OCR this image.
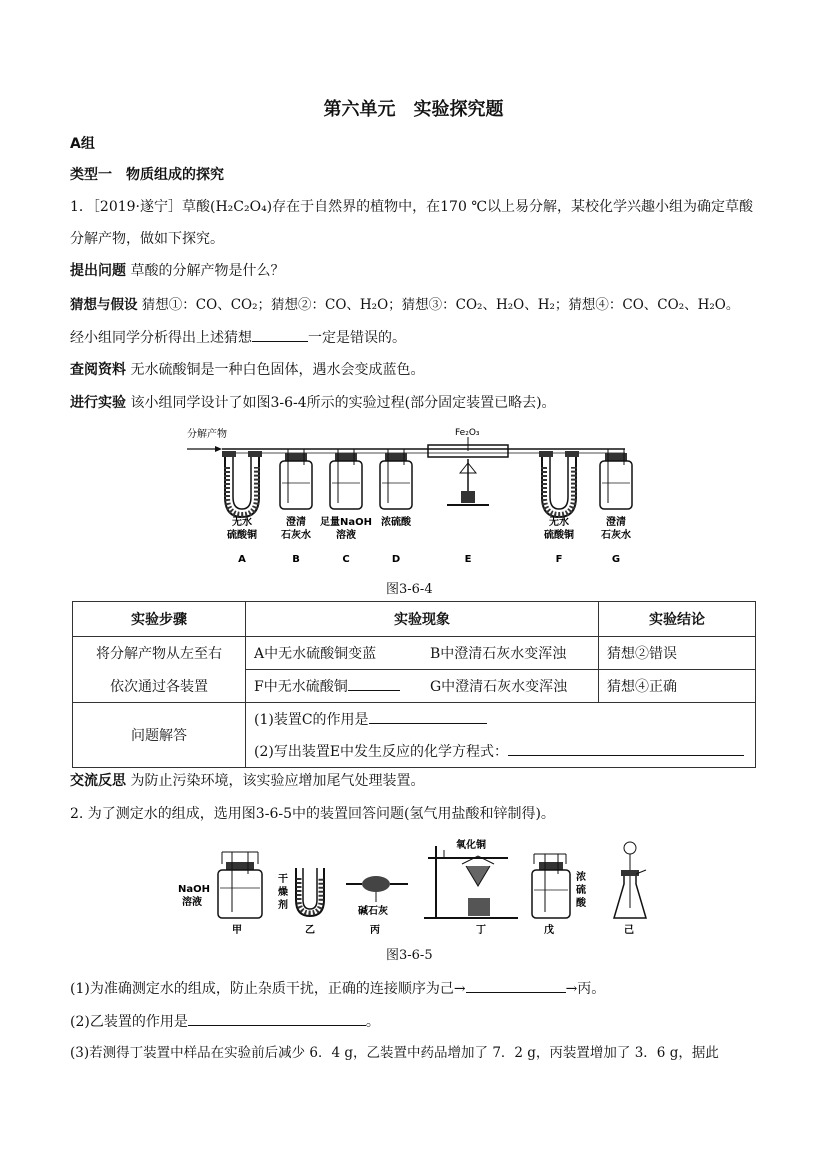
第六单元　实验探究题
A组
类型一　物质组成的探究
1．［2019·遂宁］草酸(H₂C₂O₄)存在于自然界的植物中，在170 ℃以上易分解，某校化学兴趣小组为确定草酸
分解产物，做如下探究。
提出问题 草酸的分解产物是什么？
猜想与假设 猜想①：CO、CO₂；猜想②：CO、H₂O；猜想③：CO₂、H₂O、H₂；猜想④：CO、CO₂、H₂O。
经小组同学分析得出上述猜想	一定是错误的。
查阅资料 无水硫酸铜是一种白色固体，遇水会变成蓝色。
进行实验 该小组同学设计了如图3-6-4所示的实验过程(部分固定装置已略去)。
分解产物	Fe₂O₃
无水
硫酸铜
澄清
石灰水
足量NaOH
溶液
浓硫酸	无水
硫酸铜
澄清
石灰水
A	B	C	D	E	F	G
图3-6-4
实验步骤	实验现象		实验结论
将分解产物从左至右	A中无水硫酸铜变蓝	B中澄清石灰水变浑浊	猜想②错误
依次通过各装置	F中无水硫酸铜	G中澄清石灰水变浑浊	猜想④正确
问题解答	(1)装置C的作用是		
	(2)写出装置E中发生反应的化学方程式：		
交流反思 为防止污染环境，该实验应增加尾气处理装置。
2. 为了测定水的组成，选用图3-6-5中的装置回答问题(氢气用盐酸和锌制得)。
NaOH
溶液
甲
干
燥
剂
乙
碱石灰
丙
氧化铜
丁
浓
硫
酸
戊	己
图3-6-5
(1)为准确测定水的组成，防止杂质干扰，正确的连接顺序为己→	→丙。
(2)乙装置的作用是	。
(3)若测得丁装置中样品在实验前后减少 6．4 g，乙装置中药品增加了 7．2 g，丙装置增加了 3．6 g，据此
